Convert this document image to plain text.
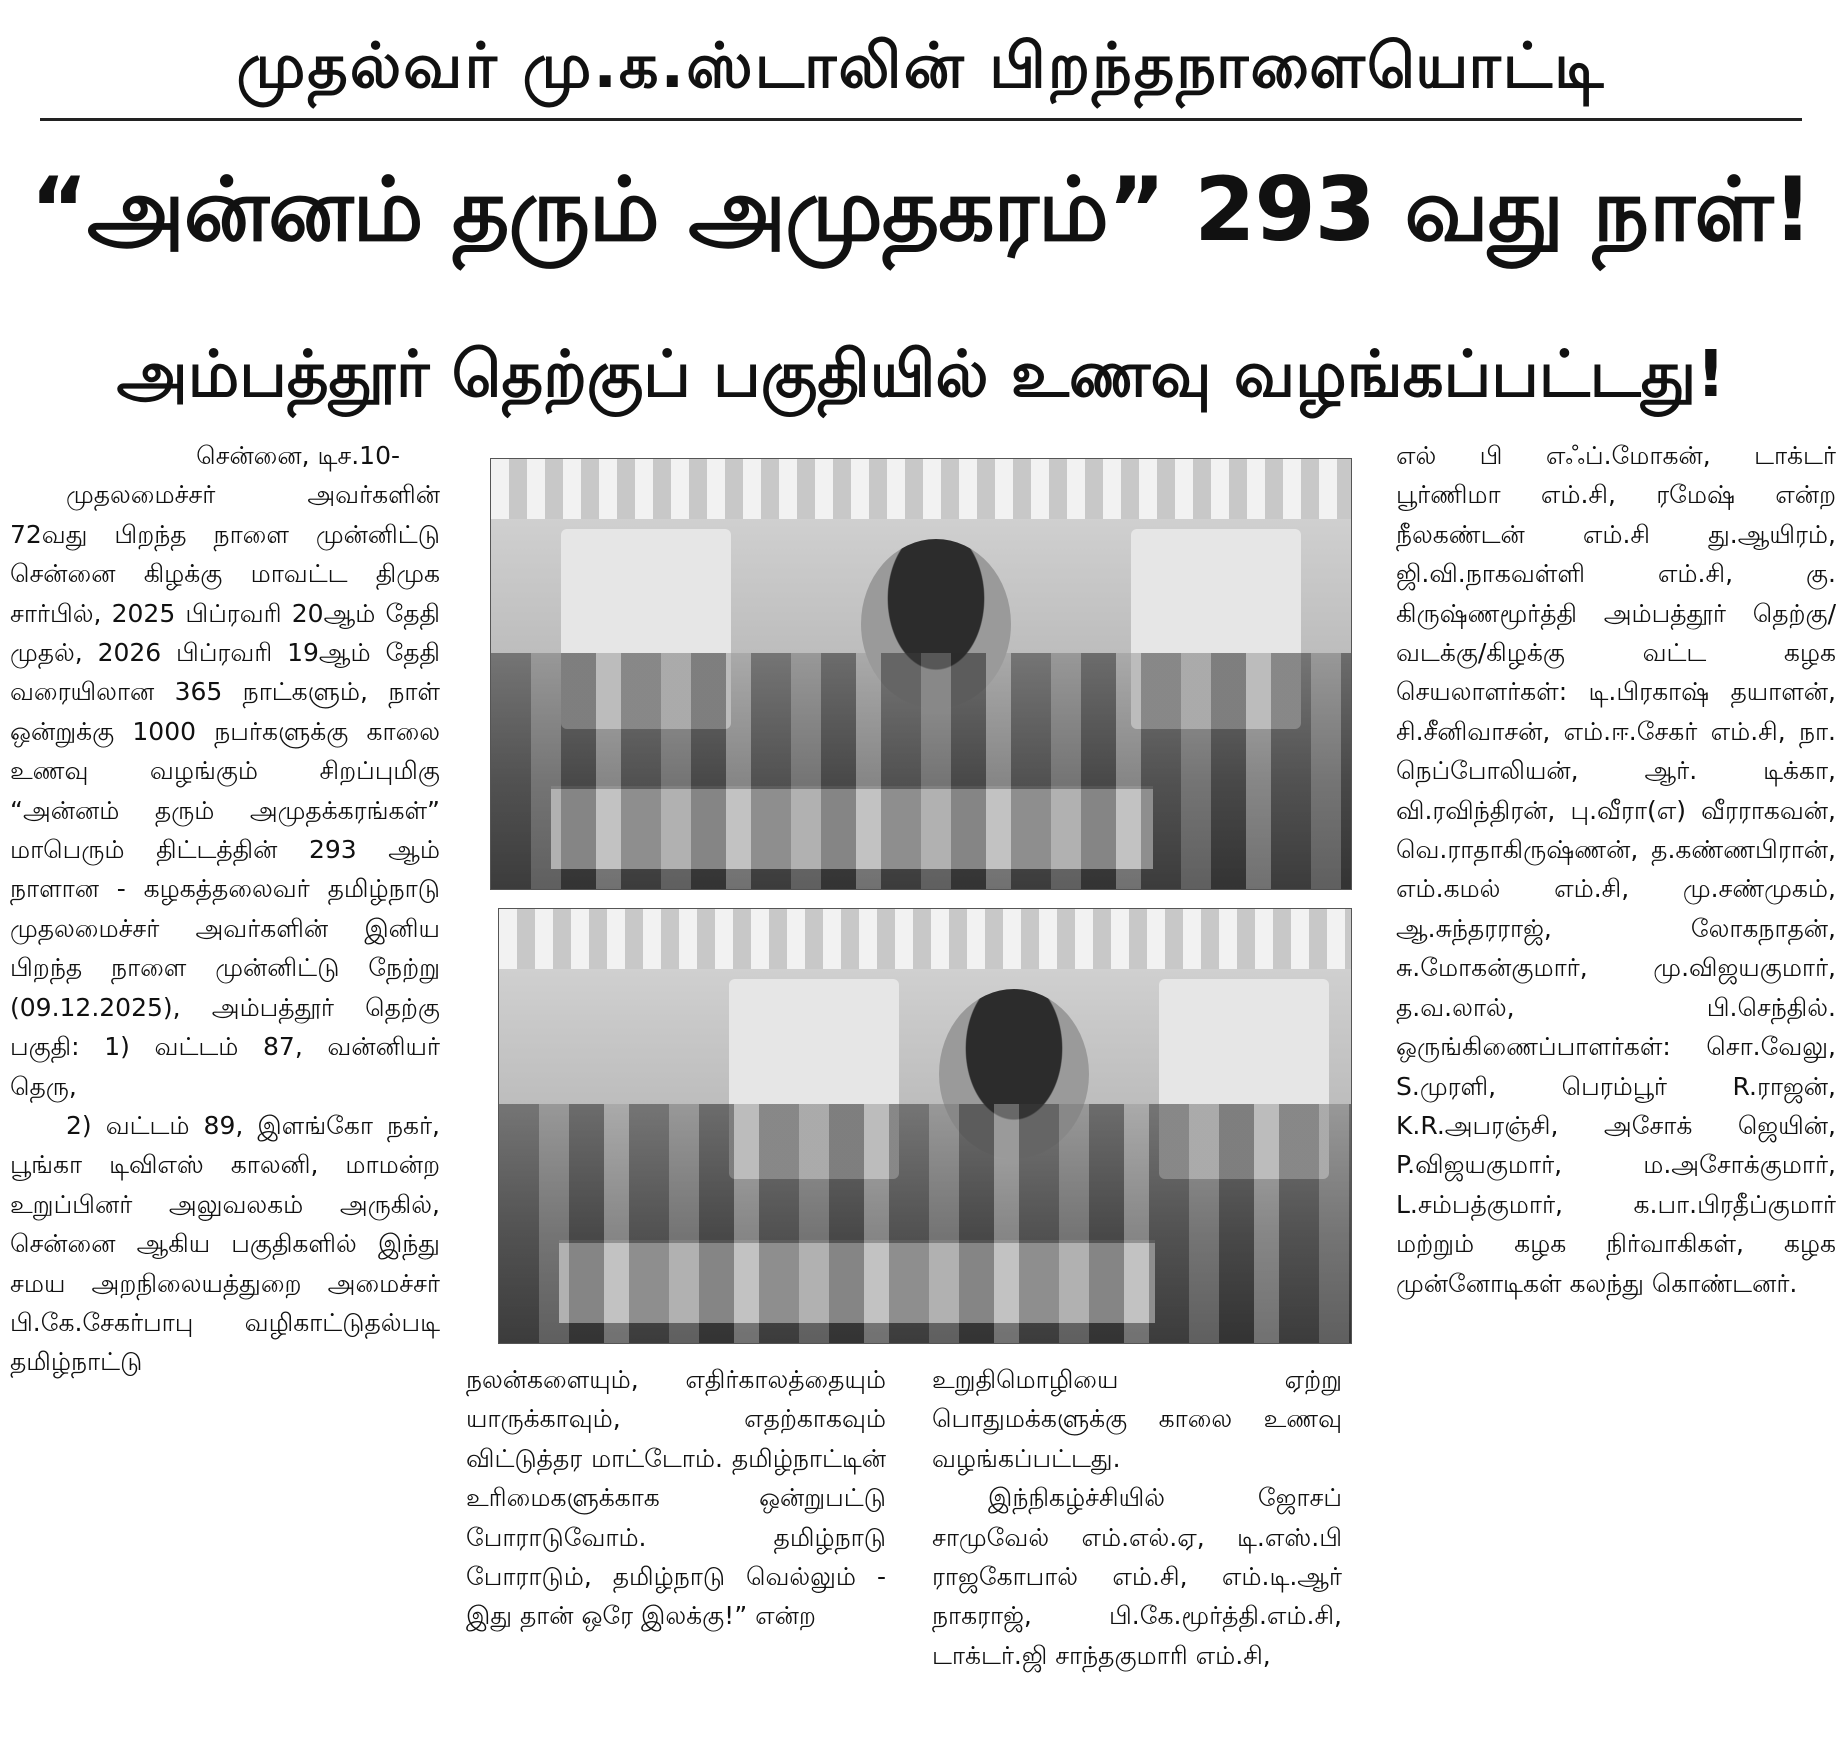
முதல்வர் மு.க.ஸ்டாலின் பிறந்தநாளையொட்டி
“அன்னம் தரும் அமுதகரம்” 293 வது நாள்!
அம்பத்தூர் தெற்குப் பகுதியில் உணவு வழங்கப்பட்டது!

சென்னை, டிச.10-

முதலமைச்சர் அவர்களின் 72வது பிறந்த நாளை முன்னிட்டு சென்னை கிழக்கு மாவட்ட திமுக சார்பில், 2025 பிப்ரவரி 20ஆம் தேதி முதல், 2026 பிப்ரவரி 19ஆம் தேதி வரையிலான 365 நாட்களும், நாள் ஒன்றுக்கு 1000 நபர்களுக்கு காலை உணவு வழங்கும் சிறப்புமிகு “அன்னம் தரும் அமுதக்கரங்கள்” மாபெரும் திட்டத்தின் 293 ஆம் நாளான - கழகத்தலைவர் தமிழ்நாடு முதலமைச்சர் அவர்களின் இனிய பிறந்த நாளை முன்னிட்டு நேற்று (09.12.2025), அம்பத்தூர் தெற்கு பகுதி: 1) வட்டம் 87, வன்னியர் தெரு,

2) வட்டம் 89, இளங்கோ நகர், பூங்கா டிவிஎஸ் காலனி, மாமன்ற உறுப்பினர் அலுவலகம் அருகில், சென்னை ஆகிய பகுதிகளில் இந்து சமய அறநிலையத்துறை அமைச்சர் பி.கே.சேகர்பாபு வழிகாட்டுதல்படி தமிழ்நாட்டு

நலன்களையும், எதிர்காலத்தையும் யாருக்காவும், எதற்காகவும் விட்டுத்தர மாட்டோம். தமிழ்நாட்டின் உரிமைகளுக்காக ஒன்றுபட்டு போராடுவோம். தமிழ்நாடு போராடும், தமிழ்நாடு வெல்லும் - இது தான் ஒரே இலக்கு!” என்ற

உறுதிமொழியை ஏற்று பொதுமக்களுக்கு காலை உணவு வழங்கப்பட்டது.

இந்நிகழ்ச்சியில் ஜோசப் சாமுவேல் எம்.எல்.ஏ, டி.எஸ்.பி ராஜகோபால் எம்.சி, எம்.டி.ஆர் நாகராஜ், பி.கே.மூர்த்தி.எம்.சி, டாக்டர்.ஜி சாந்தகுமாரி எம்.சி,

எல் பி எஃப்.மோகன், டாக்டர் பூர்ணிமா எம்.சி, ரமேஷ் என்ற நீலகண்டன் எம்.சி து.ஆயிரம், ஜி.வி.நாகவள்ளி எம்.சி, கு. கிருஷ்ணமூர்த்தி அம்பத்தூர் தெற்கு/வடக்கு/கிழக்கு வட்ட கழக செயலாளர்கள்: டி.பிரகாஷ் தயாளன், சி.சீனிவாசன், எம்.ஈ.சேகர் எம்.சி, நா. நெப்போலியன், ஆர். டிக்கா, வி.ரவிந்திரன், பு.வீரா(எ) வீரராகவன், வெ.ராதாகிருஷ்ணன், த.கண்ணபிரான், எம்.கமல் எம்.சி, மு.சண்முகம், ஆ.சுந்தரராஜ், லோகநாதன், சு.மோகன்குமார், மு.விஜயகுமார், த.வ.லால், பி.செந்தில். ஒருங்கிணைப்பாளர்கள்: சொ.வேலு, S.முரளி, பெரம்பூர் R.ராஜன், K.R.அபரஞ்சி, அசோக் ஜெயின், P.விஜயகுமார், ம.அசோக்குமார், L.சம்பத்குமார், க.பா.பிரதீப்குமார் மற்றும் கழக நிர்வாகிகள், கழக முன்னோடிகள் கலந்து கொண்டனர்.
